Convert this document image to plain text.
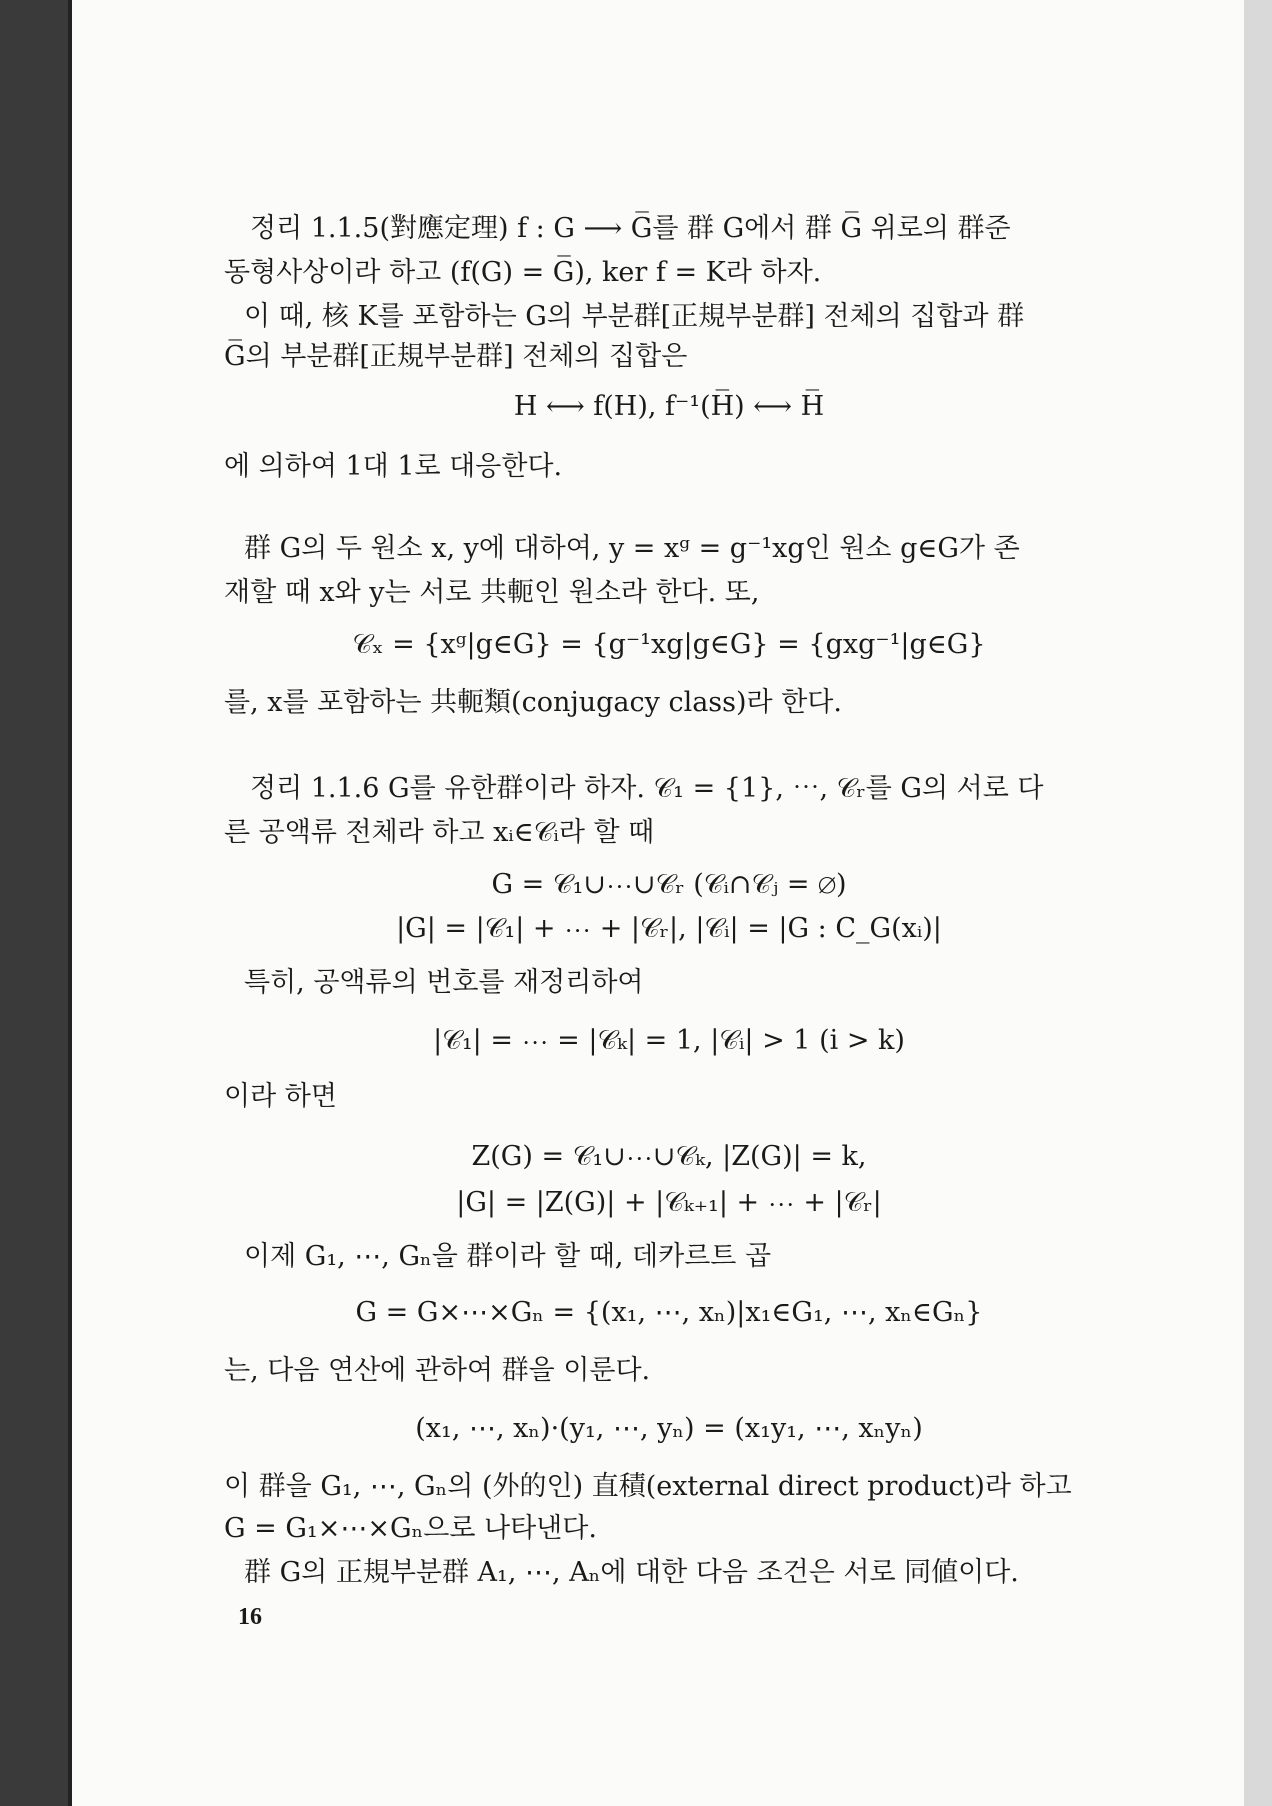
정리 1.1.5(對應定理) f : G ⟶ G̅를 群 G에서 群 G̅ 위로의 群준
동형사상이라 하고 (f(G) = G̅), ker f = K라 하자.
이 때, 核 K를 포함하는 G의 부분群[正規부분群] 전체의 집합과 群
G̅의 부분群[正規부분群] 전체의 집합은
H ⟷ f(H), f⁻¹(H̅) ⟷ H̅
에 의하여 1대 1로 대응한다.
群 G의 두 원소 x, y에 대하여, y = xᵍ = g⁻¹xg인 원소 g∈G가 존
재할 때 x와 y는 서로 共軛인 원소라 한다. 또,
𝒞ₓ = {xᵍ|g∈G} = {g⁻¹xg|g∈G} = {gxg⁻¹|g∈G}
를, x를 포함하는 共軛類(conjugacy class)라 한다.
정리 1.1.6 G를 유한群이라 하자. 𝒞₁ = {1}, ⋯, 𝒞ᵣ를 G의 서로 다
른 공액류 전체라 하고 xᵢ∈𝒞ᵢ라 할 때
G = 𝒞₁∪⋯∪𝒞ᵣ (𝒞ᵢ∩𝒞ⱼ = ∅)
|G| = |𝒞₁| + ⋯ + |𝒞ᵣ|, |𝒞ᵢ| = |G : C_G(xᵢ)|
특히, 공액류의 번호를 재정리하여
|𝒞₁| = ⋯ = |𝒞ₖ| = 1, |𝒞ᵢ| > 1 (i > k)
이라 하면
Z(G) = 𝒞₁∪⋯∪𝒞ₖ, |Z(G)| = k,
|G| = |Z(G)| + |𝒞ₖ₊₁| + ⋯ + |𝒞ᵣ|
이제 G₁, ⋯, Gₙ을 群이라 할 때, 데카르트 곱
G = G×⋯×Gₙ = {(x₁, ⋯, xₙ)|x₁∈G₁, ⋯, xₙ∈Gₙ}
는, 다음 연산에 관하여 群을 이룬다.
(x₁, ⋯, xₙ)·(y₁, ⋯, yₙ) = (x₁y₁, ⋯, xₙyₙ)
이 群을 G₁, ⋯, Gₙ의 (外的인) 直積(external direct product)라 하고
G = G₁×⋯×Gₙ으로 나타낸다.
群 G의 正規부분群 A₁, ⋯, Aₙ에 대한 다음 조건은 서로 同値이다.
16
